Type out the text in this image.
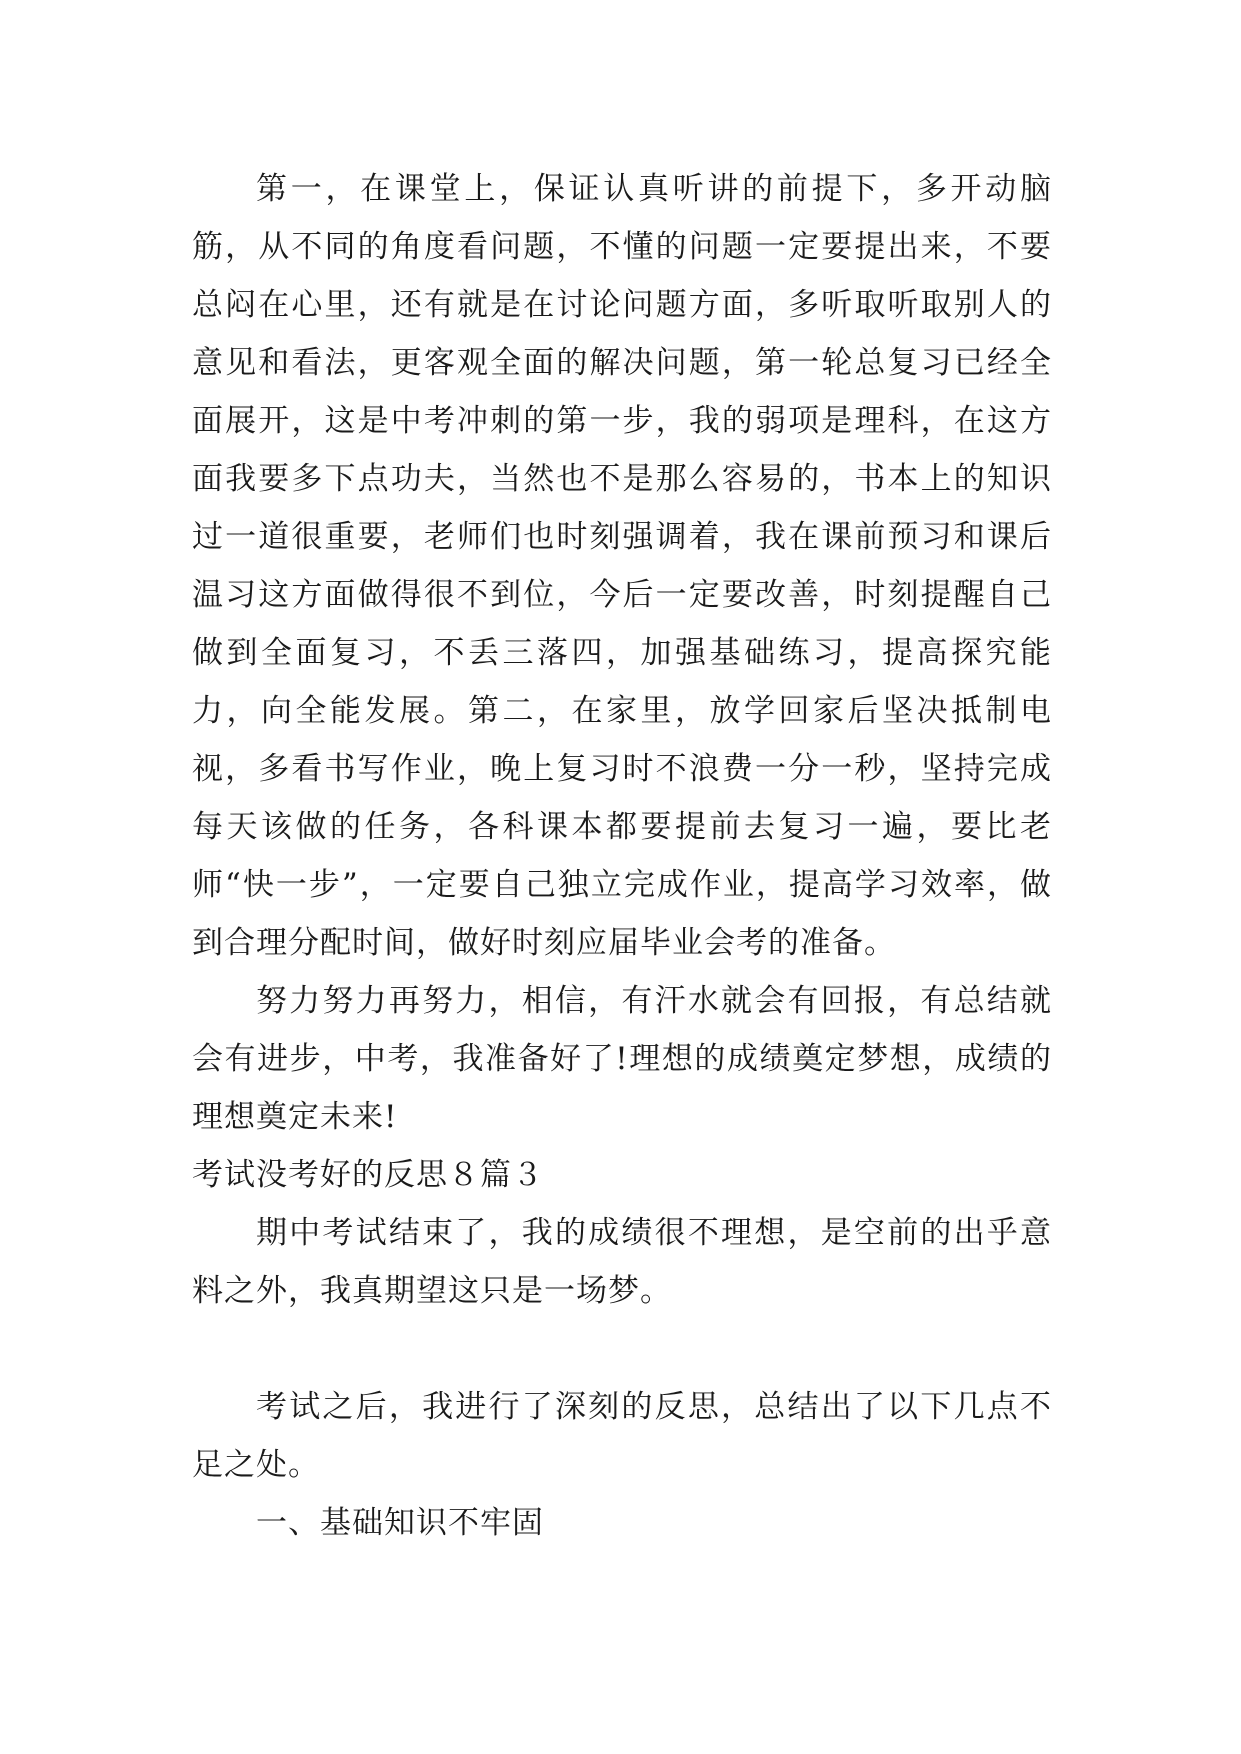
第一，在课堂上，保证认真听讲的前提下，多开动脑筋，从不同的角度看问题，不懂的问题一定要提出来，不要总闷在心里，还有就是在讨论问题方面，多听取听取别人的意见和看法，更客观全面的解决问题，第一轮总复习已经全面展开，这是中考冲刺的第一步，我的弱项是理科，在这方面我要多下点功夫，当然也不是那么容易的，书本上的知识过一道很重要，老师们也时刻强调着，我在课前预习和课后温习这方面做得很不到位，今后一定要改善，时刻提醒自己做到全面复习，不丢三落四，加强基础练习，提高探究能力，向全能发展。第二，在家里，放学回家后坚决抵制电视，多看书写作业，晚上复习时不浪费一分一秒，坚持完成每天该做的任务，各科课本都要提前去复习一遍，要比老师“快一步”，一定要自己独立完成作业，提高学习效率，做到合理分配时间，做好时刻应届毕业会考的准备。

努力努力再努力，相信，有汗水就会有回报，有总结就会有进步，中考，我准备好了!理想的成绩奠定梦想，成绩的理想奠定未来!

考试没考好的反思８篇３

期中考试结束了，我的成绩很不理想，是空前的出乎意料之外，我真期望这只是一场梦。

考试之后，我进行了深刻的反思，总结出了以下几点不足之处。

一、基础知识不牢固
